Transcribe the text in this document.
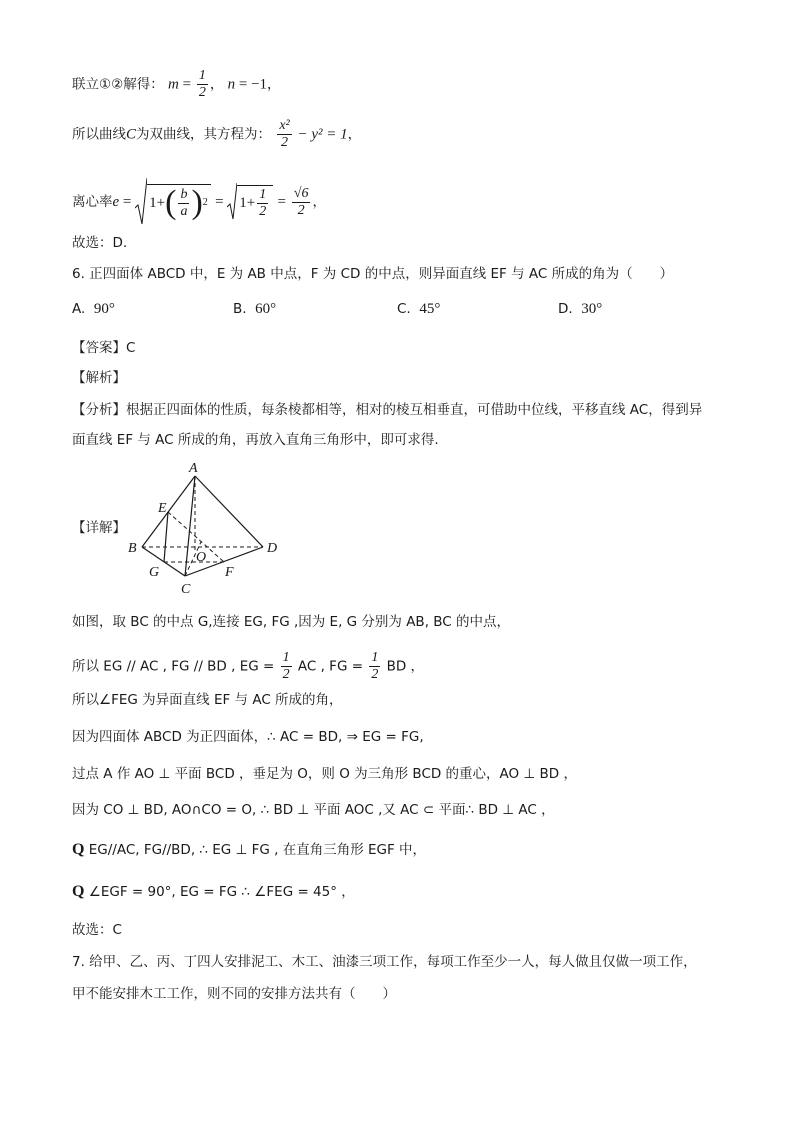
联立①②解得： $m = \frac{1}{2}$ ， n = −1，
所以曲线C为双曲线，其方程为： $\frac{\text{x²}}{2} - y^2 = 1$，
离心率e = 1+ ( $\frac{b}{a}$ ) $2 = 1+ \frac{1}{2} = \frac{√6}{2}$ ，
故选：D.
6. 正四面体 ABCD 中，E 为 AB 中点，F 为 CD 的中点，则异面直线 EF 与 AC 所成的角为（　　）
A. 90°	B. 60°	C. 45°	D. 30°
【答案】C
【解析】
【分析】根据正四面体的性质，每条棱都相等，相对的棱互相垂直，可借助中位线，平移直线 AC，得到异
面直线 EF 与 AC 所成的角，再放入直角三角形中，即可求得.
【详解】
A
B
C
D
E
F
G
O
如图，取 BC 的中点 G,连接 EG, FG ,因为 E, G 分别为 AB, BC 的中点，
所以 EG // AC , FG // BD , EG = $\frac{1}{2}$ AC , FG = $\frac{1}{2}$ BD ，
所以∠FEG 为异面直线 EF 与 AC 所成的角，
因为四面体 ABCD 为正四面体，∴ AC = BD, ⇒ EG = FG,
过点 A 作 AO ⊥ 平面 BCD ，垂足为 O，则 O 为三角形 BCD 的重心，AO ⊥ BD ，
因为 CO ⊥ BD, AO∩CO = O, ∴ BD ⊥ 平面 AOC ,又 AC ⊂ 平面∴ BD ⊥ AC ，
Q EG//AC, FG//BD, ∴ EG ⊥ FG , 在直角三角形 EGF 中，
Q ∠EGF = 90°, EG = FG ∴ ∠FEG = 45° ，
故选：C
7. 给甲、乙、丙、丁四人安排泥工、木工、油漆三项工作，每项工作至少一人，每人做且仅做一项工作，
甲不能安排木工工作，则不同的安排方法共有（　　）
